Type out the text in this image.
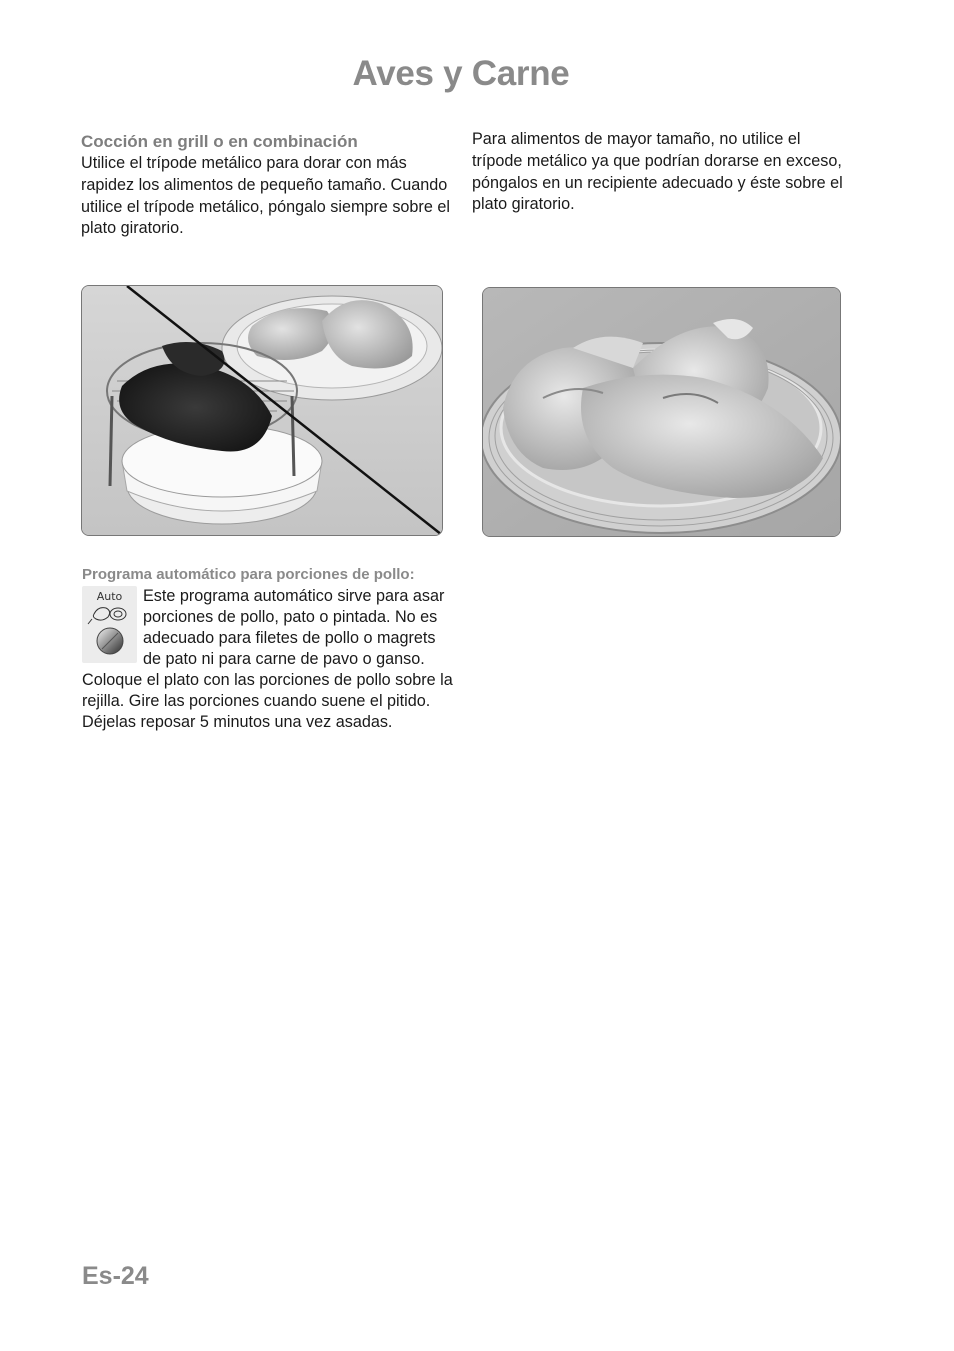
Aves y Carne
Cocción en grill o en combinación

Utilice el trípode metálico para dorar con más rapidez los alimentos de pequeño tamaño. Cuando utilice el trípode metálico, póngalo siempre sobre el plato giratorio.

Para alimentos de mayor tamaño, no utilice el trípode metálico ya que podrían dorarse en exceso, póngalos en un recipiente adecuado y éste sobre el plato giratorio.

Programa automático para porciones de pollo:
Auto	Este programa automático sirve para asar porciones de pollo, pato o pintada. No es adecuado para filetes de pollo o magrets de pato ni para carne de pavo o ganso. Coloque el plato con las porciones de pollo sobre la rejilla. Gire las porciones cuando suene el pitido. Déjelas reposar 5 minutos una vez asadas.

Es-24
